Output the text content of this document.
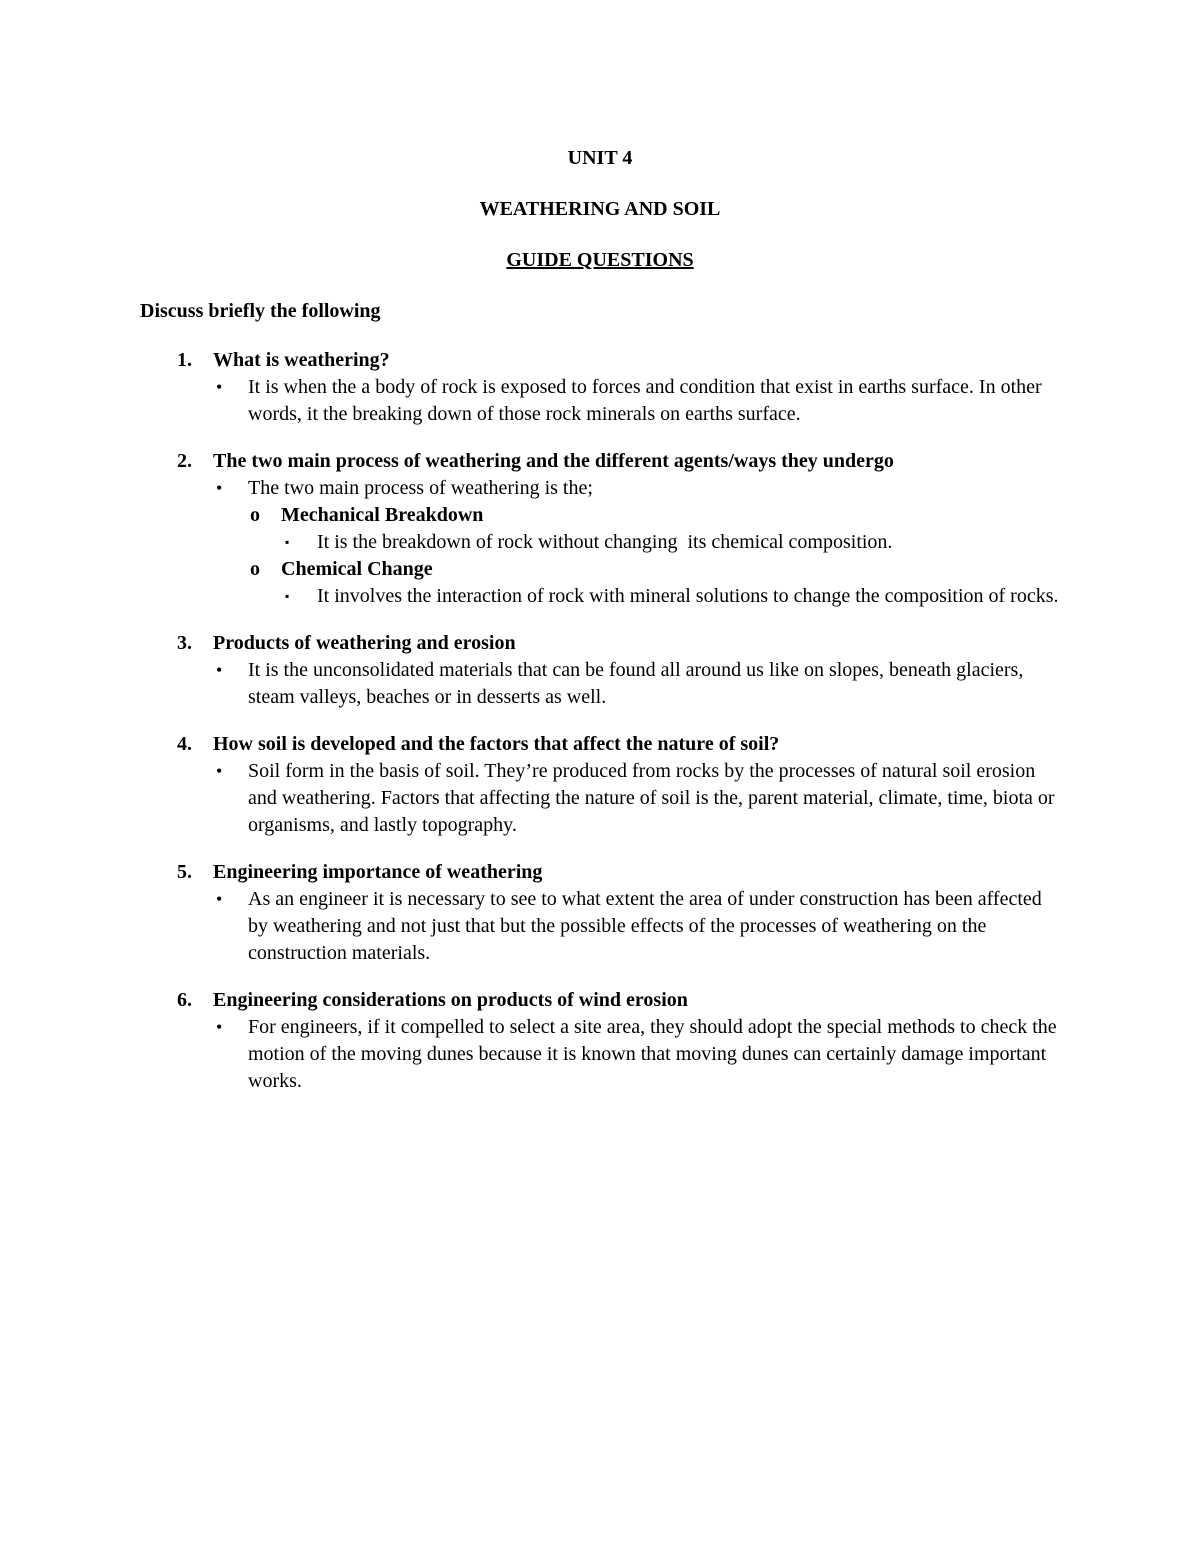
UNIT 4

WEATHERING AND SOIL

GUIDE QUESTIONS

Discuss briefly the following

1.	What is weathering?
•	It is when the a body of rock is exposed to forces and condition that exist in earths surface. In other words, it the breaking down of those rock minerals on earths surface.
2.	The two main process of weathering and the different agents/ways they undergo
•	The two main process of weathering is the;
o	Mechanical Breakdown
▪	It is the breakdown of rock without changing  its chemical composition.
o	Chemical Change
▪	It involves the interaction of rock with mineral solutions to change the composition of rocks.
3.	Products of weathering and erosion
•	It is the unconsolidated materials that can be found all around us like on slopes, beneath glaciers, steam valleys, beaches or in desserts as well.
4.	How soil is developed and the factors that affect the nature of soil?
•	Soil form in the basis of soil. They’re produced from rocks by the processes of natural soil erosion and weathering. Factors that affecting the nature of soil is the, parent material, climate, time, biota or organisms, and lastly topography.
5.	Engineering importance of weathering
•	As an engineer it is necessary to see to what extent the area of under construction has been affected by weathering and not just that but the possible effects of the processes of weathering on the construction materials.
6.	Engineering considerations on products of wind erosion
•	For engineers, if it compelled to select a site area, they should adopt the special methods to check the motion of the moving dunes because it is known that moving dunes can certainly damage important works.
